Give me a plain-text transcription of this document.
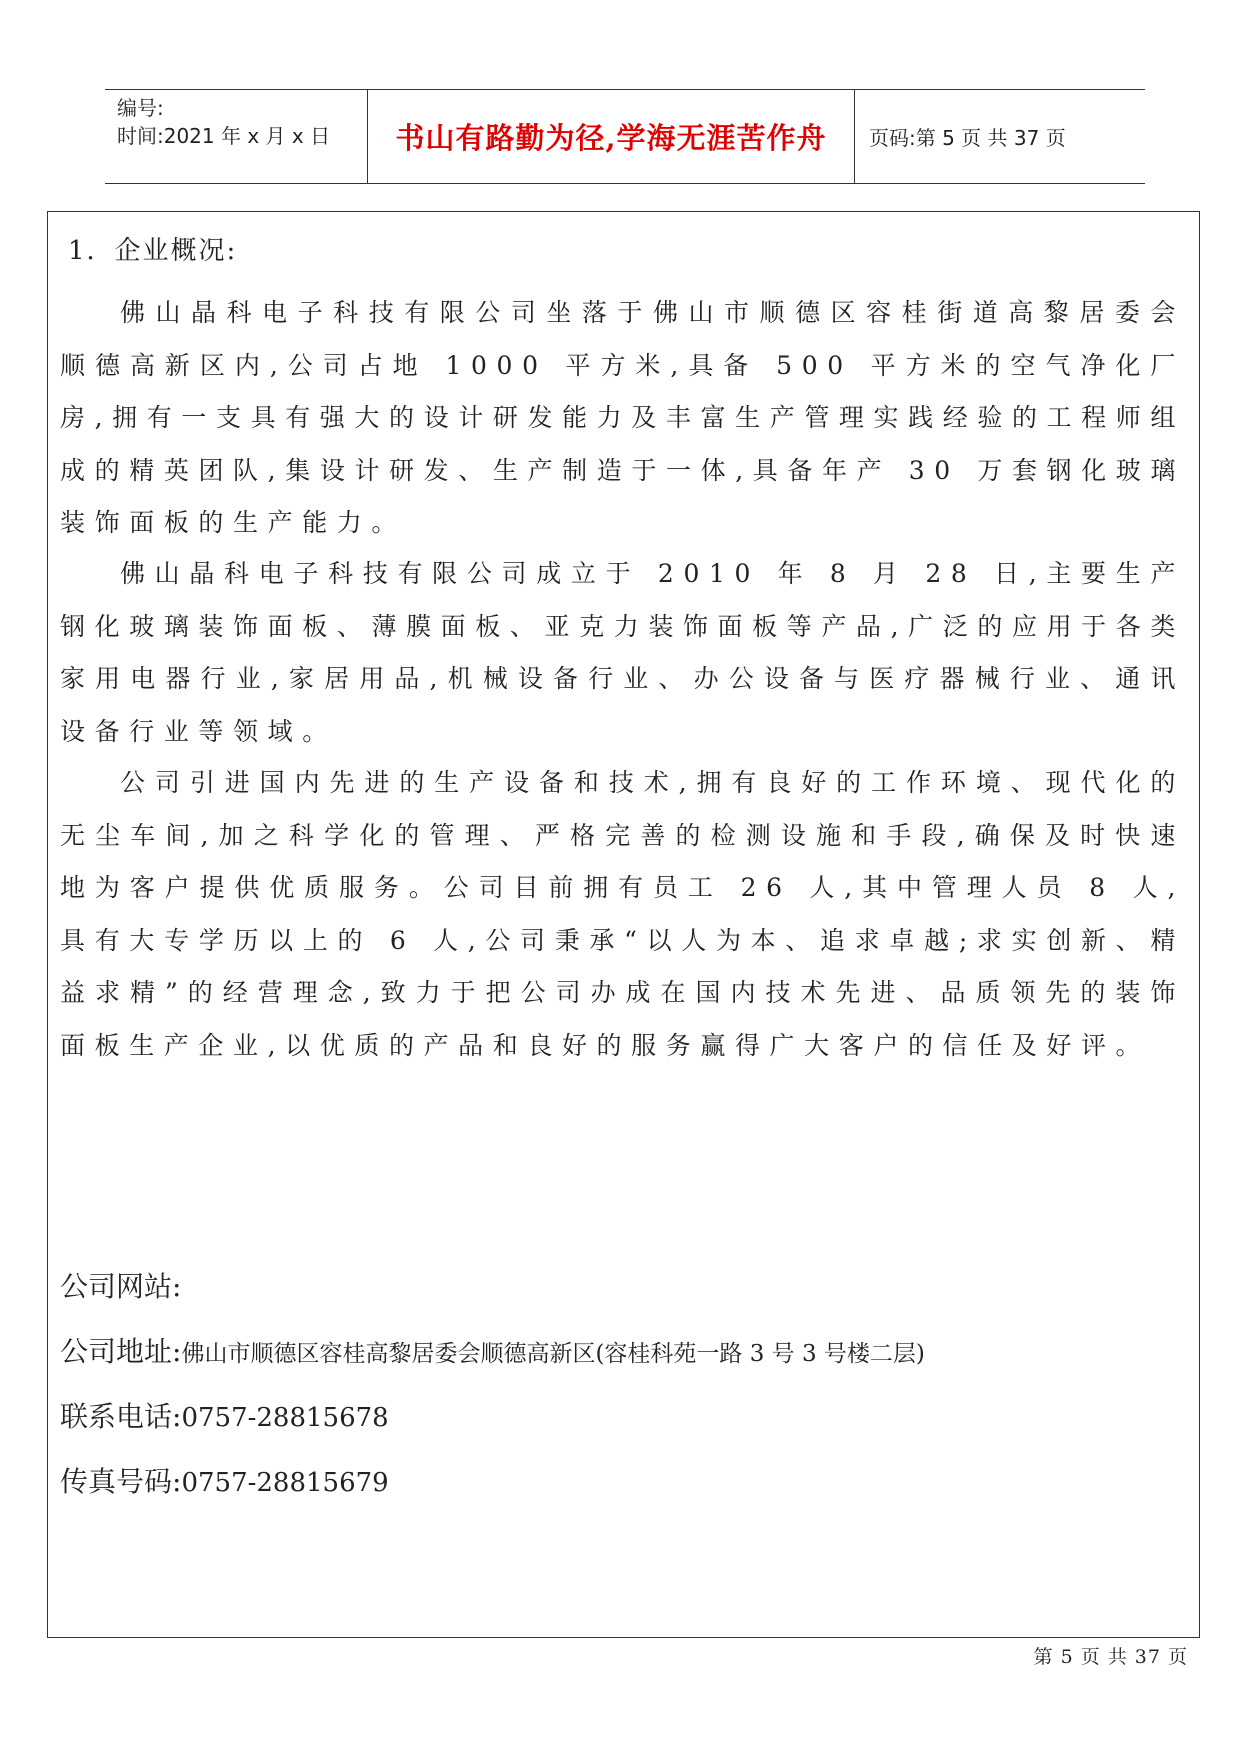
编号:
时间:2021 年 x 月 x 日	书山有路勤为径,学海无涯苦作舟	页码:第 5 页 共 37 页
1．企业概况:
佛山晶科电子科技有限公司坐落于佛山市顺德区容桂街道高黎居委会顺德高新区内,公司占地 1000 平方米,具备 500 平方米的空气净化厂房,拥有一支具有强大的设计研发能力及丰富生产管理实践经验的工程师组成的精英团队,集设计研发、生产制造于一体,具备年产 30 万套钢化玻璃装饰面板的生产能力。
佛山晶科电子科技有限公司成立于 2010 年 8 月 28 日,主要生产钢化玻璃装饰面板、薄膜面板、亚克力装饰面板等产品,广泛的应用于各类家用电器行业,家居用品,机械设备行业、办公设备与医疗器械行业、通讯设备行业等领域。
公司引进国内先进的生产设备和技术,拥有良好的工作环境、现代化的无尘车间,加之科学化的管理、严格完善的检测设施和手段,确保及时快速地为客户提供优质服务。公司目前拥有员工 26 人,其中管理人员 8 人,具有大专学历以上的 6 人,公司秉承“以人为本、追求卓越;求实创新、精益求精”的经营理念,致力于把公司办成在国内技术先进、品质领先的装饰面板生产企业,以优质的产品和良好的服务赢得广大客户的信任及好评。
公司网站:
公司地址:佛山市顺德区容桂高黎居委会顺德高新区(容桂科苑一路 3 号 3 号楼二层)
联系电话:0757-28815678
传真号码:0757-28815679
第 5 页 共 37 页
